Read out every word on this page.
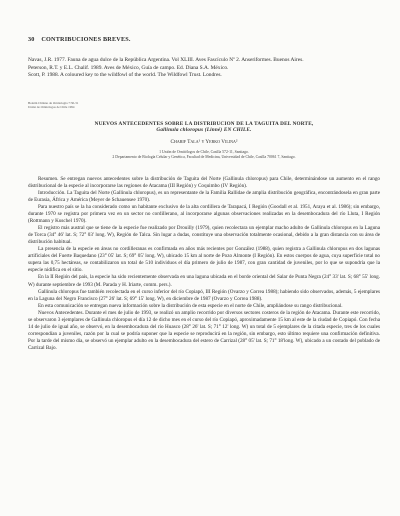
30 CONTRIBUCIONES BREVES.

Navas, J.R. 1977. Fauna de agua dulce de la República Argentina. Vol XLIII. Aves Fascículo Nº 2. Anseriformes. Buenos Aires.

Peterson, R.T. y E.L. Chalif. 1989. Aves de México, Guía de campo. Ed. Diana S.A. México.

Scott, P. 1988. A coloured key to the wildfowl of the world. The Wildfowl Trust. Londres.

Boletín Chileno de Ornitología 7:30-31
Unión de Ornitólogos de Chile 1994
NUEVOS ANTECEDENTES SOBRE LA DISTRIBUCION DE LA TAGUITA DEL NORTE,
Gallinula chloropus (Linné) EN CHILE.
Charif Tala¹ y Yerko Vilina²
1 Unión de Ornitólogos de Chile, Casilla 572-11, Santiago.
2 Departamento de Biología Celular y Genética, Facultad de Medicina, Universidad de Chile, Casilla 70061 7, Santiago.

Resumen. Se entregan nuevos antecedentes sobre la distribución de Taguita del Norte (Gallinula chloropus) para Chile, determinándose un aumento en el rango distribucional de la especie al incorporarse las regiones de Atacama (III Región) y Coquimbo (IV Región).

Introducción. La Taguita del Norte (Gallinula chloropus), es un representante de la Familia Rallidae de amplia distribución geográfica, encontrándosela en gran parte de Eurasia, África y América (Meyer de Schauensee 1970).

Para nuestro país se la ha considerado como un habitante exclusivo de la alta cordillera de Tarapacá, I Región (Goodall et al. 1951, Araya et al. 1986); sin embargo, durante 1970 se registra por primera vez en un sector no cordillerano, al incorporarse algunas observaciones realizadas en la desembocadura del río Lluta, I Región (Rottmann y Kuschel 1970).

El registro más austral que se tiene de la especie fue realizado por Drouilly (1979), quien recolectara un ejemplar macho adulto de Gallinula chloropus en la Laguna de Torca (34° 46' lat. S; 72° 03' long. W), Región de Talca. Sin lugar a dudas, constituye una observación totalmente ocasional, debido a la gran distancia con su área de distribución habitual.

La presencia de la especie en áreas no cordilleranas es confirmada en años más recientes por González (1988), quien registra a Gallinula chloropus en dos lagunas artificiales del Fuerte Baquedano (23° 05' lat. S; 69° 05' long. W), ubicado 15 km al norte de Pozo Almonte (I Región). En estos cuerpos de agua, cuya superficie total no supera las 0,75 hectáreas, se contabilizaron un total de 510 individuos el día primero de julio de 1987, con gran cantidad de juveniles, por lo que se supondría que la especie nidifica en el sitio.

En la II Región del país, la especie ha sido recientemente observada en una laguna ubicada en el borde oriental del Salar de Punta Negra (24° 33' lat. S; 68° 55' long. W) durante septiembre de 1993 (M. Parada y H. Iriarte, comm. pers.).

Gallinula chloropus fue también recolectada en el curso inferior del río Copiapó, III Región (Ovarzo y Correa 1988); habiendo sido observados, además, 5 ejemplares en la Laguna del Negro Francisco (27° 26' lat. S; 69° 15' long. W), en diciembre de 1987 (Ovarzo y Correa 1988).

En esta comunicación se entregan nueva información sobre la distribución de esta especie en el norte de Chile, ampliándose su rango distribucional.

Nuevos Antecedentes. Durante el mes de julio de 1993, se realizó un amplio recorrido por diversos sectores costeros de la región de Atacama. Durante este recorrido, se observaron 3 ejemplares de Gallinula chloropus el día 12 de dicho mes en el curso del río Copiapó, aproximadamente 15 km al este de la ciudad de Copiapó. Con fecha 14 de julio de igual año, se observó, en la desembocadura del río Huasco (28° 26' lat. S; 71° 12' long. W) un total de 5 ejemplares de la citada especie, tres de los cuales correspondían a juveniles, razón por la cual se podría suponer que la especie se reproducirá en la región, sin embargo, esto último requiere una confirmación definitiva. Por la tarde del mismo día, se observó un ejemplar adulto en la desembocadura del estero de Carrizal (28° 05' lat. S; 71° 18'long. W), ubicado a un costado del poblado de Carrizal Bajo.
